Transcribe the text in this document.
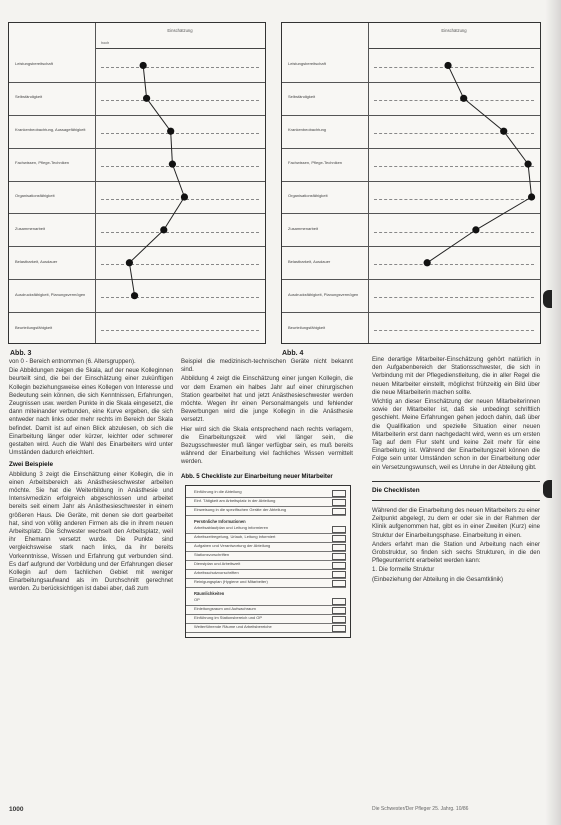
Einschätzung
hoch
Leistungsbereitschaft
Selbständigkeit
Krankenbeobachtung, Aussagefähigkeit
Fachwissen, Pflege-Techniken
Organisationsfähigkeit
Zusammenarbeit
Belastbarkeit, Ausdauer
Ausdrucksfähigkeit, Planungsvermögen
Beurteilungsfähigkeit
Abb. 3
Einschätzung
Leistungsbereitschaft
Selbständigkeit
Krankenbeobachtung
Fachwissen, Pflege-Techniken
Organisationsfähigkeit
Zusammenarbeit
Belastbarkeit, Ausdauer
Ausdrucksfähigkeit, Planungsvermögen
Beurteilungsfähigkeit
Abb. 4

von 0 - Bereich entnommen (6. Altersgruppen).

Die Abbildungen zeigen die Skala, auf der neue Kolleginnen beurteilt sind, die bei der Einschätzung einer zukünftigen Kollegin beziehungsweise eines Kollegen von Interesse und Bedeutung sein können, die sich Kenntnissen, Erfahrungen, Zeugnissen usw. werden Punkte in die Skala eingesetzt, die dann miteinander verbunden, eine Kurve ergeben, die sich entweder nach links oder mehr rechts im Bereich der Skala befindet. Damit ist auf einen Blick abzulesen, ob sich die Einarbeitung länger oder kürzer, leichter oder schwerer gestalten wird. Auch die Wahl des Einarbeiters wird unter Umständen dadurch erleichtert.

Zwei Beispiele

Abbildung 3 zeigt die Einschätzung einer Kollegin, die in einen Arbeitsbereich als Anästhesieschwester arbeiten möchte. Sie hat die Weiterbildung in Anästhesie und Intensivmedizin erfolgreich abgeschlossen und arbeitet bereits seit einem Jahr als Anästhesieschwester in einem größeren Haus. Die Geräte, mit denen sie dort gearbeitet hat, sind von völlig anderen Firmen als die in ihrem neuen Arbeitsplatz. Die Schwester wechselt den Arbeitsplatz, weil ihr Ehemann versetzt wurde. Die Punkte sind vergleichsweise stark nach links, da ihr bereits Vorkenntnisse, Wissen und Erfahrung gut verbunden sind. Es darf aufgrund der Vorbildung und der Erfahrungen dieser Kollegin auf dem fachlichen Gebiet mit weniger Einarbeitungsaufwand als im Durchschnitt gerechnet werden. Zu berücksichtigen ist dabei aber, daß zum

Beispiel die medizinisch-technischen Geräte nicht bekannt sind.

Abbildung 4 zeigt die Einschätzung einer jungen Kollegin, die vor dem Examen ein halbes Jahr auf einer chirurgischen Station gearbeitet hat und jetzt Anästhesieschwester werden möchte. Wegen ihr einen Personalmangels und fehlender Bewerbungen wird die junge Kollegin in die Anästhesie versetzt.

Hier wird sich die Skala entsprechend nach rechts verlagern, die Einarbeitungszeit wird viel länger sein, die Bezugsschwester muß länger verfügbar sein, es muß bereits während der Einarbeitung viel fachliches Wissen vermittelt werden.

Abb. 5 Checkliste zur Einarbeitung neuer Mitarbeiter
Einführung in die Abteilung
Einf. Tätigkeit am Arbeitsplatz in der Abteilung
Einweisung in die spezifischen Geräte der Abteilung
Persönliche Informationen
Arbeitsablaufplan und Leitung informieren
Arbeitszeitregelung, Urlaub, Leitung informiert
Aufgaben und Verantwortung der Abteilung
Stationsvorschriften
Dienstplan und Arbeitszeit
Arbeitsschutzvorschriften
Reinigungsplan (Hygiene und Mitarbeiter)
Räumlichkeiten
OP
Einleitungsraum und Aufwachraum
Einführung im Stationsbereich und OP
Weiterführende Räume und Arbeitsbereiche

Eine derartige Mitarbeiter-Einschätzung gehört natürlich in den Aufgabenbereich der Stationsschwester, die sich in Verbindung mit der Pflegedienstleitung, die in aller Regel die neuen Mitarbeiter einstellt, möglichst frühzeitig ein Bild über die neue Mitarbeiterin machen sollte.

Wichtig an dieser Einschätzung der neuen Mitarbeiterinnen sowie der Mitarbeiter ist, daß sie unbedingt schriftlich geschieht. Meine Erfahrungen gehen jedoch dahin, daß über die Qualifikation und spezielle Situation einer neuen Mitarbeiterin erst dann nachgedacht wird, wenn es um ersten Tag auf dem Flur steht und keine Zeit mehr für eine Einarbeitung ist. Während der Einarbeitungszeit können die Folge sein unter Umständen schon in der Einarbeitung oder ein Versetzungswunsch, weil es Unruhe in der Abteilung gibt.

Die Checklisten

Während der die Einarbeitung des neuen Mitarbeiters zu einer Zeitpunkt abgelegt, zu dem er oder sie in der Rahmen der Klinik aufgenommen hat, gibt es in einer Zweiten (Kurz) eine Struktur der Einarbeitungsphase. Einarbeitung in einen.

Anders erfahrt man die Station und Arbeitung nach einer Grobstruktur, so finden sich sechs Strukturen, in die den Pflegeunterricht erarbeitet werden kann:

1. Die formelle Struktur

(Einbeziehung der Abteilung in die Gesamtklinik)

1000	Die Schwester/Der Pfleger 25. Jahrg. 10/86
